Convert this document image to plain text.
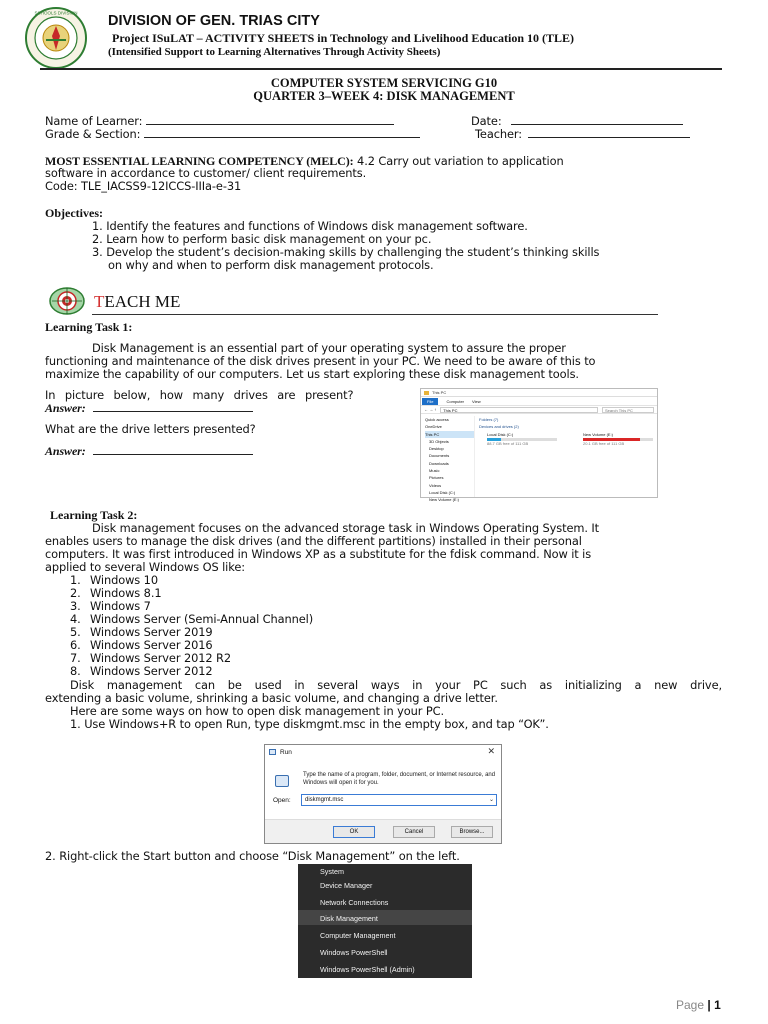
SCHOOLS DIVISION DIVISION OF GEN. TRIAS CITY
Project ISuLAT – ACTIVITY SHEETS in Technology and Livelihood Education 10 (TLE)
(Intensified Support to Learning Alternatives Through Activity Sheets)
COMPUTER SYSTEM SERVICING G10
QUARTER 3–WEEK 4: DISK MANAGEMENT
Name of Learner:	Date:
Grade & Section:	Teacher:
MOST ESSENTIAL LEARNING COMPETENCY (MELC): 4.2 Carry out variation to application
software in accordance to customer/ client requirements.
Code: TLE_IACSS9-12ICCS-IIIa-e-31
Objectives:
1. Identify the features and functions of Windows disk management software.
2. Learn how to perform basic disk management on your pc.
3. Develop the student’s decision-making skills by challenging the student’s thinking skills
on why and when to perform disk management protocols.
TEACH ME
Learning Task 1:
Disk Management is an essential part of your operating system to assure the proper
functioning and maintenance of the disk drives present in your PC. We need to be aware of this to
maximize the capability of our computers. Let us start exploring these disk management tools.
In picture below, how many drives are present?
Answer:
What are the drive letters presented?
Answer:
This PC
File	Computer View
← → ↑	This PC	Search This PC
Quick access
OneDrive
This PC
3D Objects
Desktop
Documents
Downloads
Music
Pictures
Videos
Local Disk (C:)
New Volume (E:)
Folders (7)
Devices and drives (2)
Local Disk (C:)
88.7 GB free of 111 GB
New Volume (E:)
20.1 GB free of 111 GB
Learning Task 2:
Disk management focuses on the advanced storage task in Windows Operating System. It
enables users to manage the disk drives (and the different partitions) installed in their personal
computers. It was first introduced in Windows XP as a substitute for the fdisk command. Now it is
applied to several Windows OS like:
1. Windows 10
2. Windows 8.1
3. Windows 7
4. Windows Server (Semi-Annual Channel)
5. Windows Server 2019
6. Windows Server 2016
7. Windows Server 2012 R2
8. Windows Server 2012
Disk management can be used in several ways in your PC such as initializing a new drive,
extending a basic volume, shrinking a basic volume, and changing a drive letter.
Here are some ways on how to open disk management in your PC.
1. Use Windows+R to open Run, type diskmgmt.msc in the empty box, and tap “OK”.
Run	✕
Type the name of a program, folder, document, or Internet resource, and Windows will open it for you.
Open:	diskmgmt.msc	⌄
OK	Cancel	Browse...
2. Right-click the Start button and choose “Disk Management” on the left.
System
Device Manager
Network Connections
Disk Management
Computer Management
Windows PowerShell
Windows PowerShell (Admin)
Page | 1
